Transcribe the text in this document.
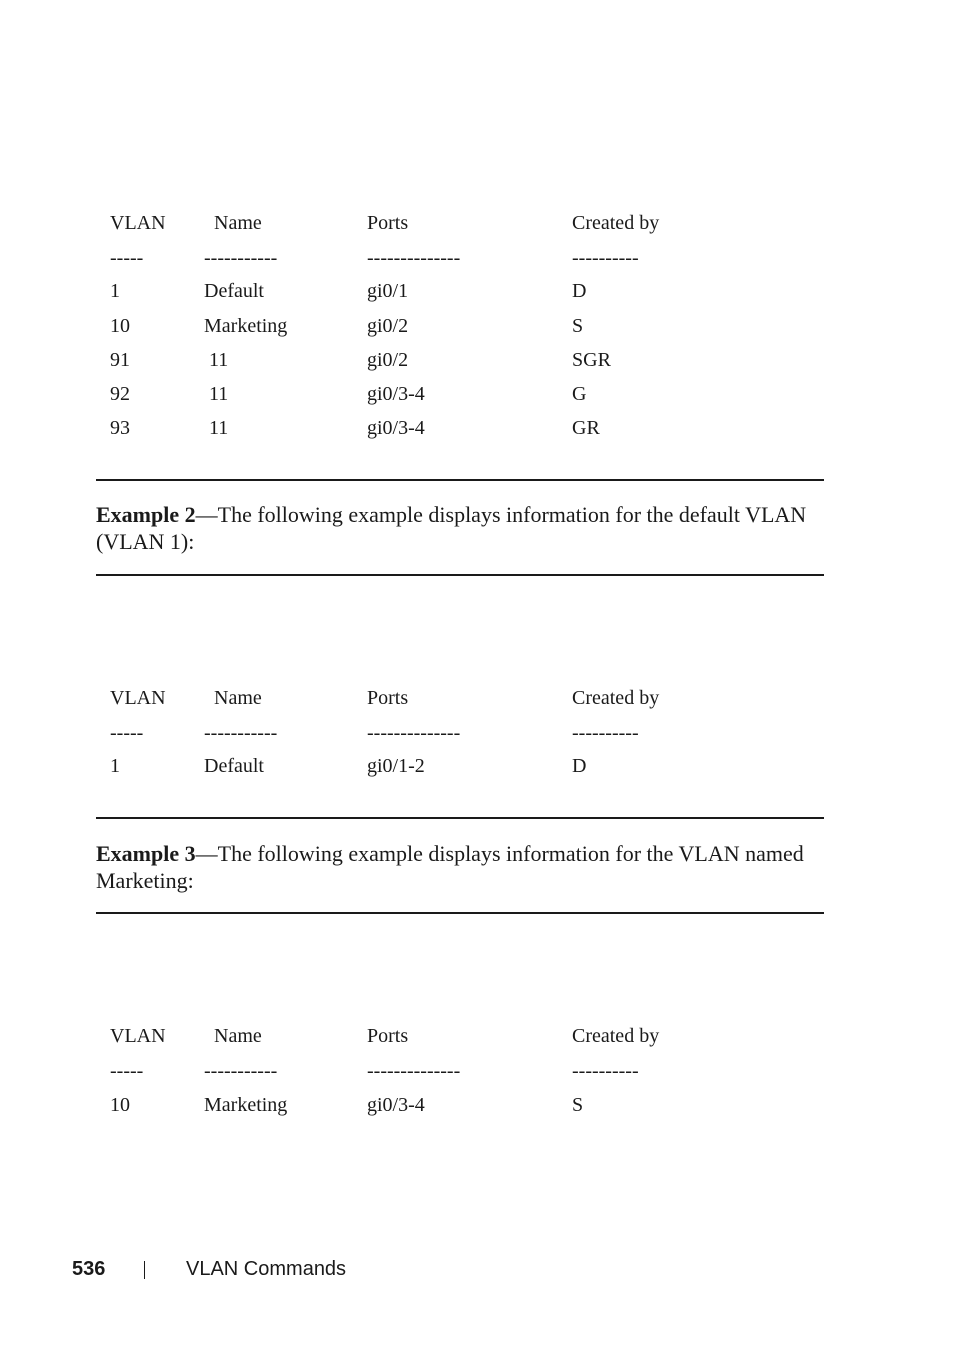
VLAN Name	Ports	Created by
-----	-----------	--------------	----------
1	Default	gi0/1	D
10	Marketing	gi0/2	S
91	11	gi0/2	SGR
92	11	gi0/3-4	G
93	11	gi0/3-4	GR
Example 2—The following example displays information for the default VLAN (VLAN 1):
VLAN Name	Ports	Created by
-----	-----------	--------------	----------
1	Default	gi0/1-2	D
Example 3—The following example displays information for the VLAN named Marketing:
VLAN Name	Ports	Created by
-----	-----------	--------------	----------
10	Marketing	gi0/3-4	S
536	VLAN Commands
